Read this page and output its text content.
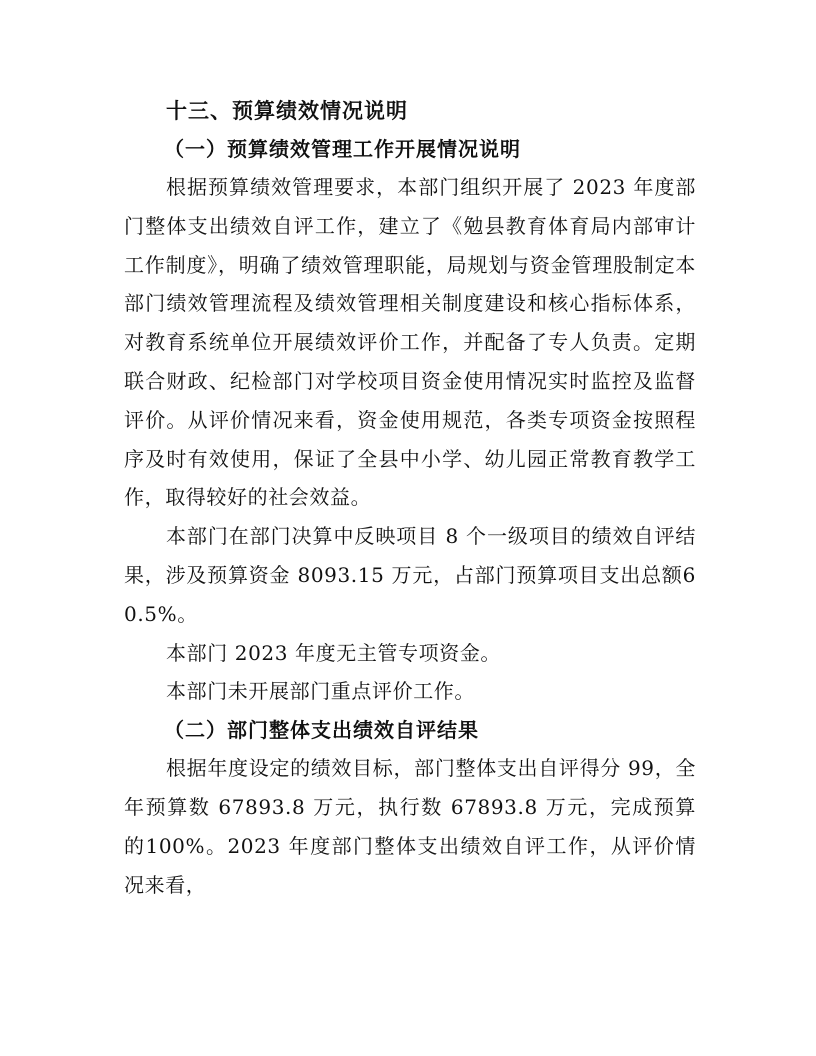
十三、预算绩效情况说明

（一）预算绩效管理工作开展情况说明

根据预算绩效管理要求，本部门组织开展了 2023 年度部门整体支出绩效自评工作，建立了《勉县教育体育局内部审计工作制度》，明确了绩效管理职能，局规划与资金管理股制定本部门绩效管理流程及绩效管理相关制度建设和核心指标体系，对教育系统单位开展绩效评价工作，并配备了专人负责。定期联合财政、纪检部门对学校项目资金使用情况实时监控及监督评价。从评价情况来看，资金使用规范，各类专项资金按照程序及时有效使用，保证了全县中小学、幼儿园正常教育教学工作，取得较好的社会效益。

本部门在部门决算中反映项目 8 个一级项目的绩效自评结果，涉及预算资金 8093.15 万元，占部门预算项目支出总额60.5%。

本部门 2023 年度无主管专项资金。

本部门未开展部门重点评价工作。

（二）部门整体支出绩效自评结果

根据年度设定的绩效目标，部门整体支出自评得分 99，全年预算数 67893.8 万元，执行数 67893.8 万元，完成预算的100%。2023 年度部门整体支出绩效自评工作，从评价情况来看，
